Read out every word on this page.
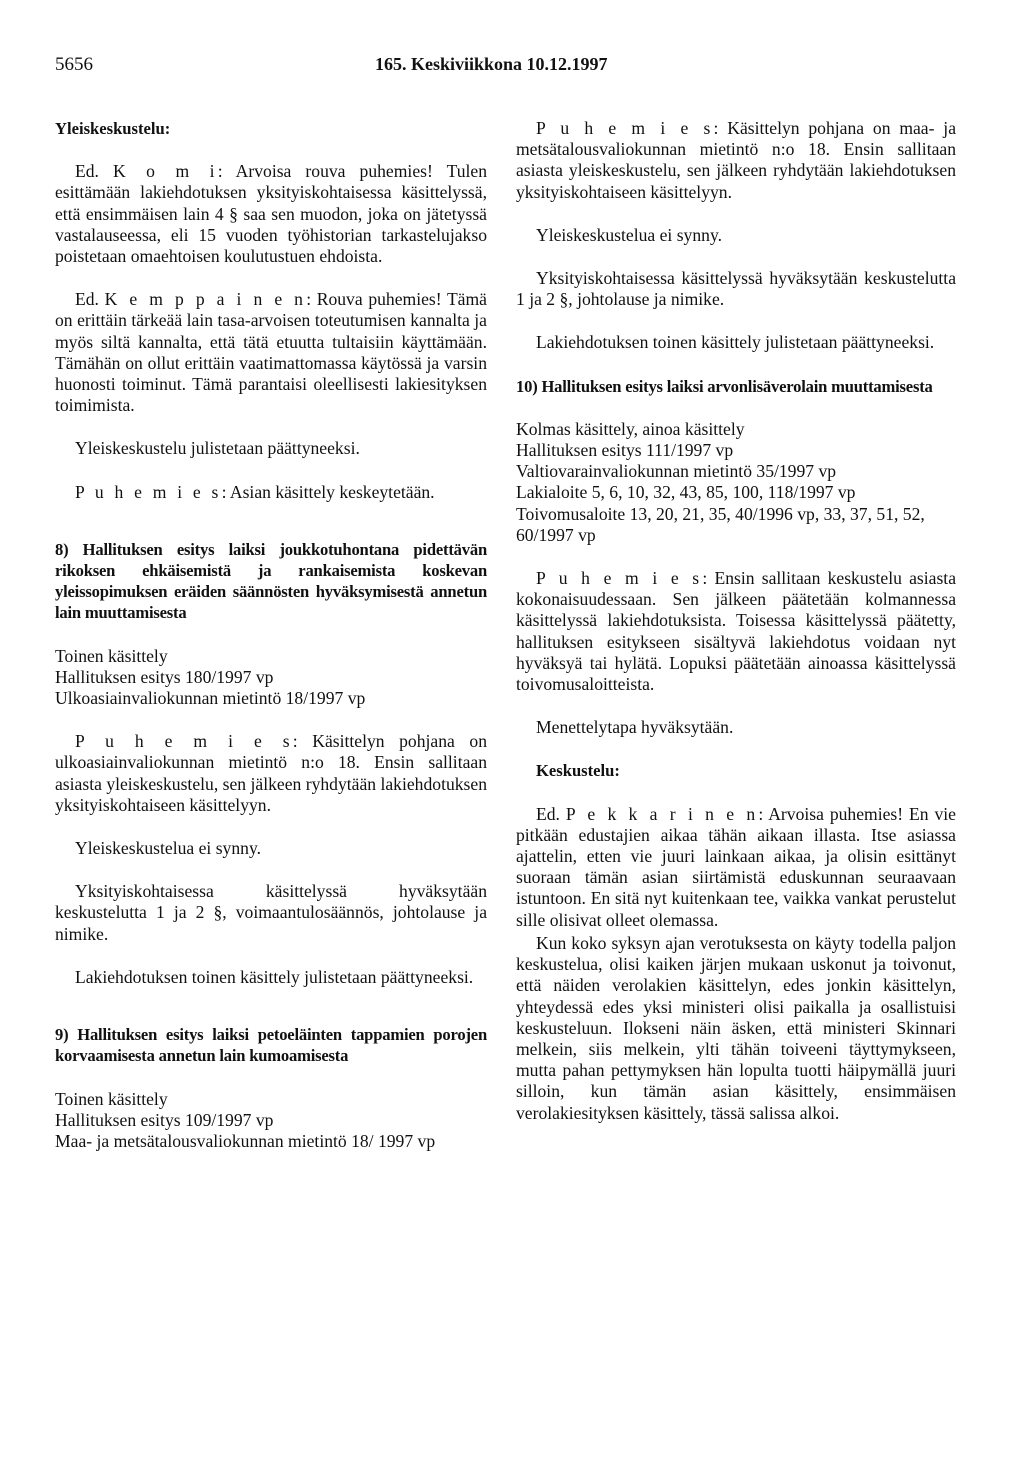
5656	165. Keskiviikkona 10.12.1997
Yleiskeskustelu:

Ed. K o m i: Arvoisa rouva puhemies! Tulen esittämään lakiehdotuksen yksityiskohtaisessa käsittelyssä, että ensimmäisen lain 4 § saa sen muodon, joka on jätetyssä vastalauseessa, eli 15 vuoden työhistorian tarkastelujakso poistetaan omaehtoisen koulutustuen ehdoista.

Ed. K e m p p a i n e n: Rouva puhemies! Tämä on erittäin tärkeää lain tasa-arvoisen toteutumisen kannalta ja myös siltä kannalta, että tätä etuutta tultaisiin käyttämään. Tämähän on ollut erittäin vaatimattomassa käytössä ja varsin huonosti toiminut. Tämä parantaisi oleellisesti lakiesityksen toimimista.

Yleiskeskustelu julistetaan päättyneeksi.

P u h e m i e s: Asian käsittely keskeytetään.

8) Hallituksen esitys laiksi joukkotuhontana pidettävän rikoksen ehkäisemistä ja rankaisemista koskevan yleissopimuksen eräiden säännösten hyväksymisestä annetun lain muuttamisesta
Toinen käsittely
Hallituksen esitys 180/1997 vp
Ulkoasiainvaliokunnan mietintö 18/1997 vp

P u h e m i e s: Käsittelyn pohjana on ulkoasiainvaliokunnan mietintö n:o 18. Ensin sallitaan asiasta yleiskeskustelu, sen jälkeen ryhdytään lakiehdotuksen yksityiskohtaiseen käsittelyyn.

Yleiskeskustelua ei synny.

Yksityiskohtaisessa käsittelyssä hyväksytään keskustelutta 1 ja 2 §, voimaantulosäännös, johtolause ja nimike.

Lakiehdotuksen toinen käsittely julistetaan päättyneeksi.

9) Hallituksen esitys laiksi petoeläinten tappamien porojen korvaamisesta annetun lain kumoamisesta
Toinen käsittely
Hallituksen esitys 109/1997 vp
Maa- ja metsätalousvaliokunnan mietintö 18/ 1997 vp

P u h e m i e s: Käsittelyn pohjana on maa- ja metsätalousvaliokunnan mietintö n:o 18. Ensin sallitaan asiasta yleiskeskustelu, sen jälkeen ryhdytään lakiehdotuksen yksityiskohtaiseen käsittelyyn.

Yleiskeskustelua ei synny.

Yksityiskohtaisessa käsittelyssä hyväksytään keskustelutta 1 ja 2 §, johtolause ja nimike.

Lakiehdotuksen toinen käsittely julistetaan päättyneeksi.

10) Hallituksen esitys laiksi arvonlisäverolain muuttamisesta
Kolmas käsittely, ainoa käsittely
Hallituksen esitys 111/1997 vp
Valtiovarainvaliokunnan mietintö 35/1997 vp
Lakialoite 5, 6, 10, 32, 43, 85, 100, 118/1997 vp
Toivomusaloite 13, 20, 21, 35, 40/1996 vp, 33, 37, 51, 52, 60/1997 vp

P u h e m i e s: Ensin sallitaan keskustelu asiasta kokonaisuudessaan. Sen jälkeen päätetään kolmannessa käsittelyssä lakiehdotuksista. Toisessa käsittelyssä päätetty, hallituksen esitykseen sisältyvä lakiehdotus voidaan nyt hyväksyä tai hylätä. Lopuksi päätetään ainoassa käsittelyssä toivomusaloitteista.

Menettelytapa hyväksytään.

Keskustelu:

Ed. P e k k a r i n e n: Arvoisa puhemies! En vie pitkään edustajien aikaa tähän aikaan illasta. Itse asiassa ajattelin, etten vie juuri lainkaan aikaa, ja olisin esittänyt suoraan tämän asian siirtämistä eduskunnan seuraavaan istuntoon. En sitä nyt kuitenkaan tee, vaikka vankat perustelut sille olisivat olleet olemassa.

Kun koko syksyn ajan verotuksesta on käyty todella paljon keskustelua, olisi kaiken järjen mukaan uskonut ja toivonut, että näiden verolakien käsittelyn, edes jonkin käsittelyn, yhteydessä edes yksi ministeri olisi paikalla ja osallistuisi keskusteluun. Ilokseni näin äsken, että ministeri Skinnari melkein, siis melkein, ylti tähän toiveeni täyttymykseen, mutta pahan pettymyksen hän lopulta tuotti häipymällä juuri silloin, kun tämän asian käsittely, ensimmäisen verolakiesityksen käsittely, tässä salissa alkoi.
